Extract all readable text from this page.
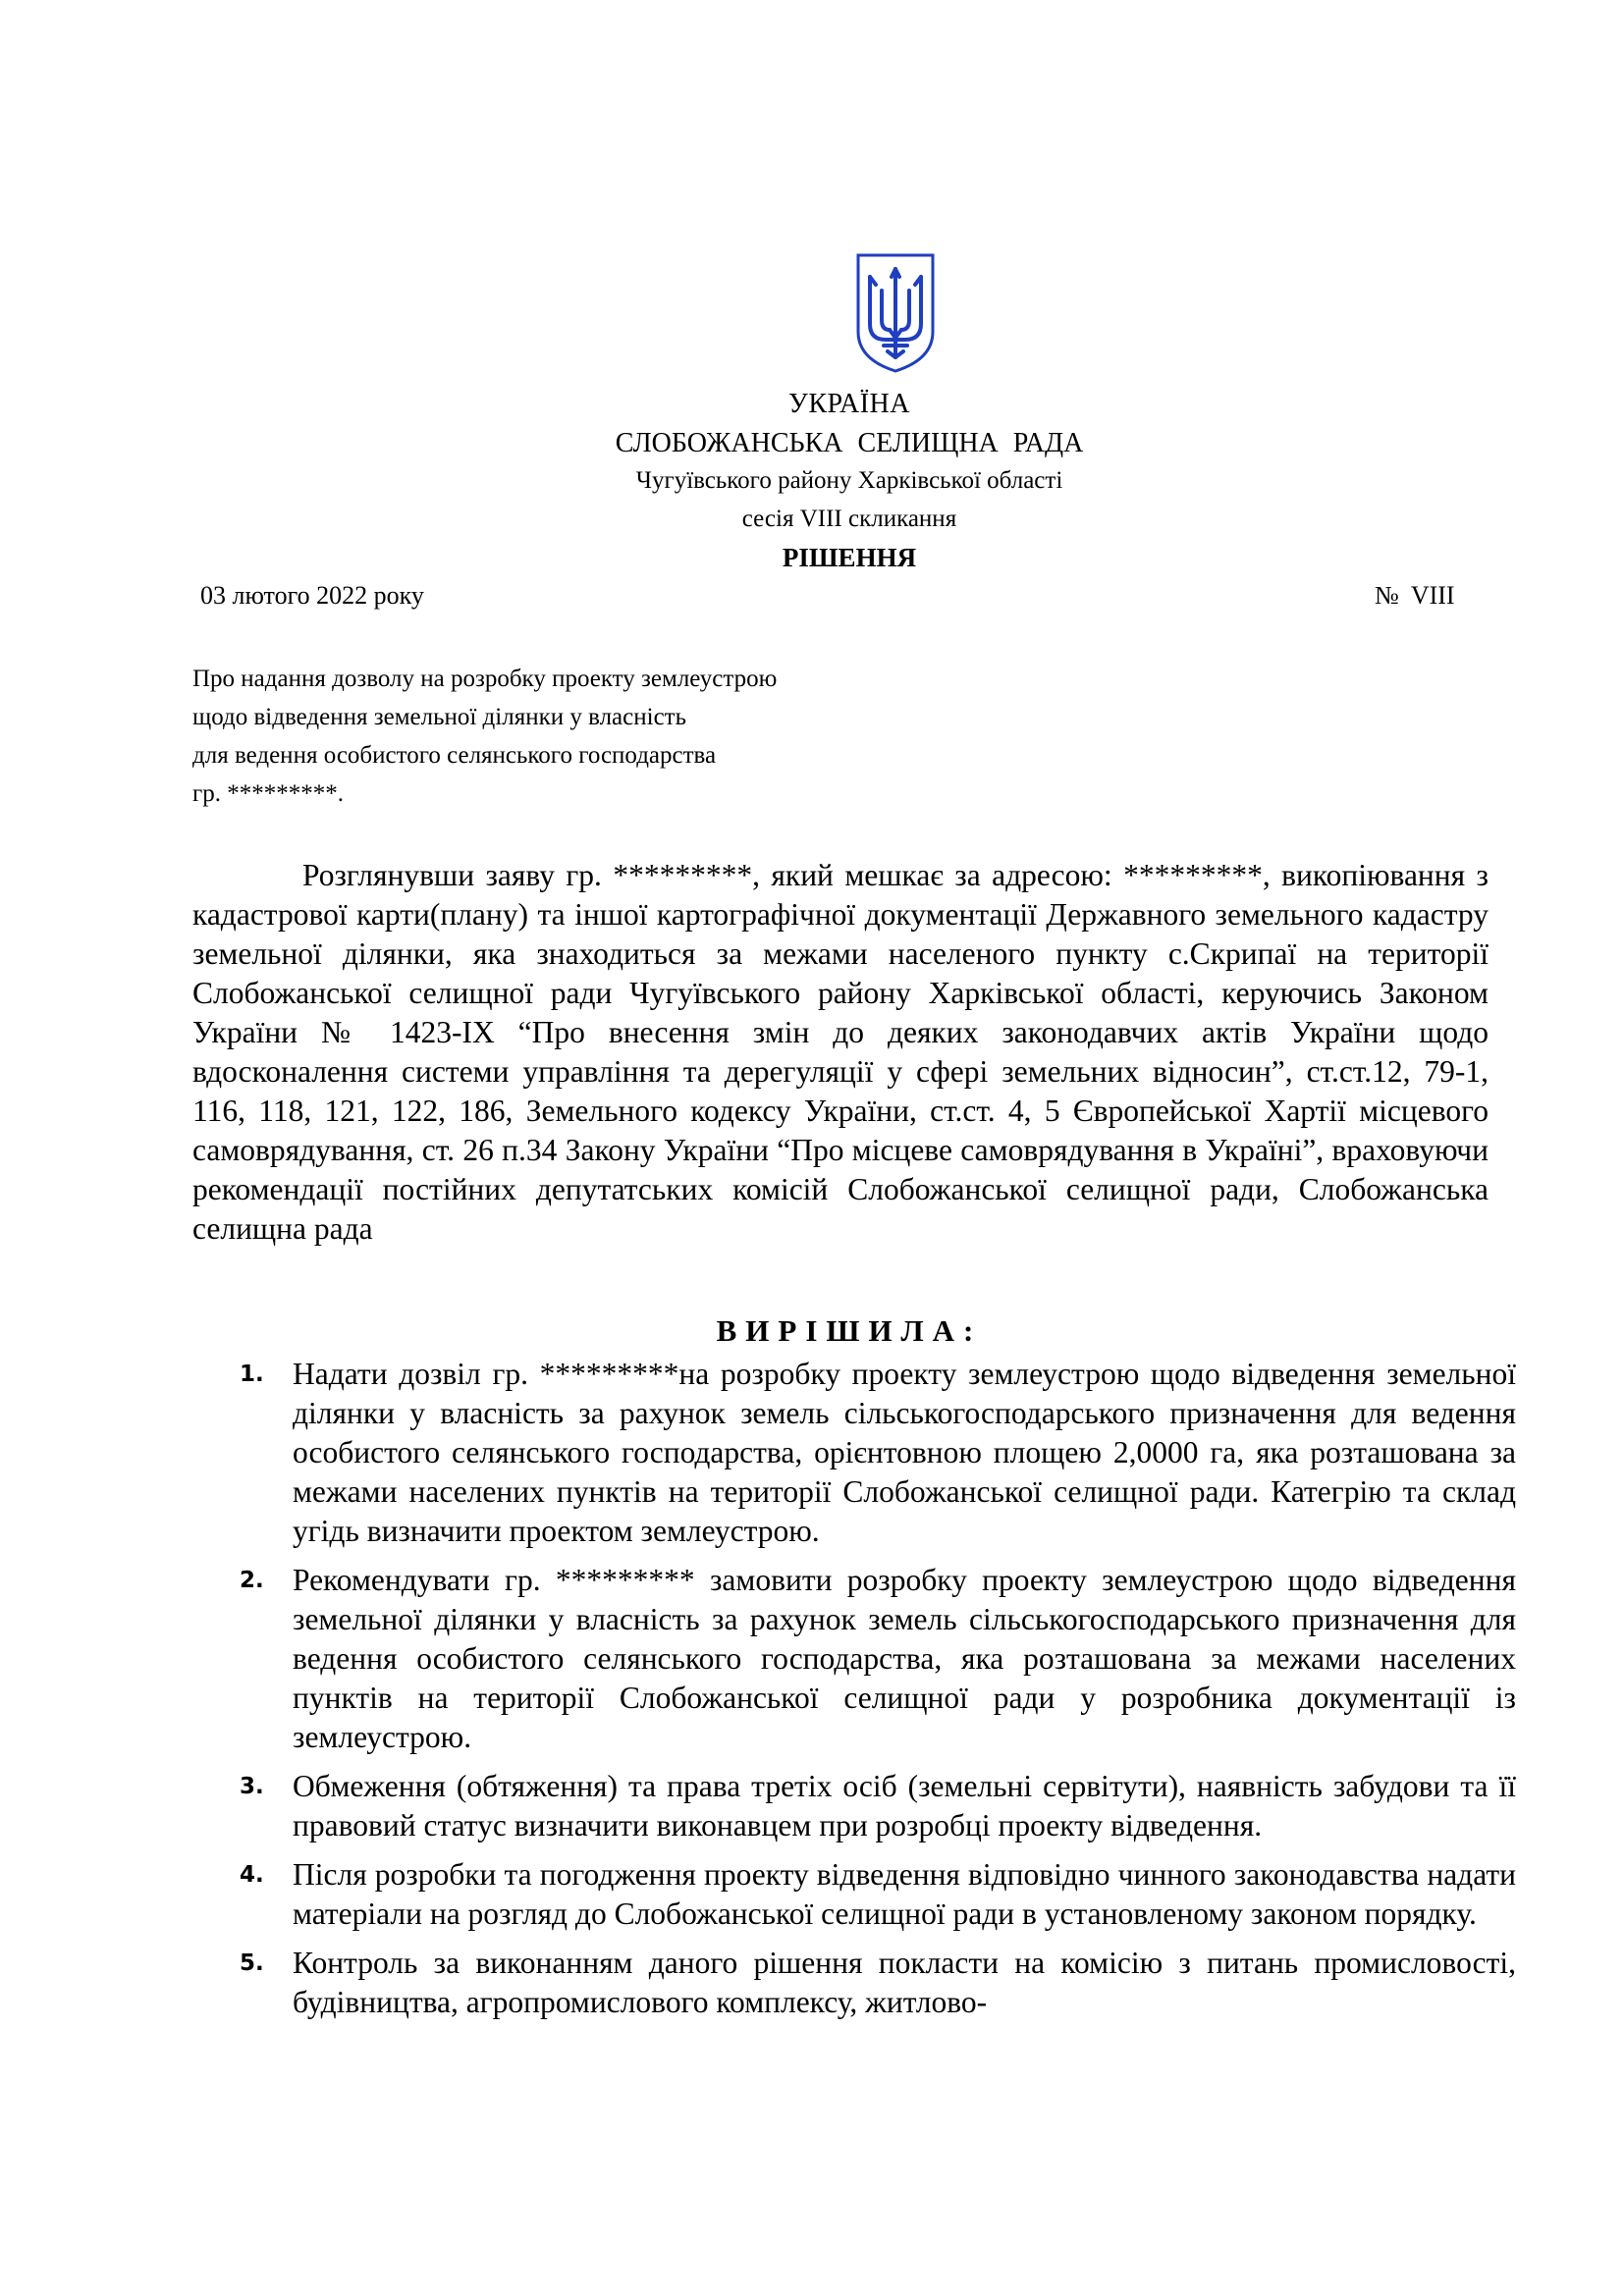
УКРАЇНА
СЛОБОЖАНСЬКА СЕЛИЩНА РАДА
Чугуївського району Харківської області
сесія VIII скликання
РІШЕННЯ
03 лютого 2022 року	№ VIII
Про надання дозволу на розробку проекту землеустрою
щодо відведення земельної ділянки у власність
для ведення особистого селянського господарства
гр. *********.
Розглянувши заяву гр. *********, який мешкає за адресою: *********, викопіювання з кадастрової карти(плану) та іншої картографічної документації Державного земельного кадастру земельної ділянки, яка знаходиться за межами населеного пункту с.Скрипаї на території Слобожанської селищної ради Чугуївського району Харківської області, керуючись Законом України № 1423-IX “Про внесення змін до деяких законодавчих актів України щодо вдосконалення системи управління та дерегуляції у сфері земельних відносин”, ст.ст.12, 79-1, 116, 118, 121, 122, 186, Земельного кодексу України, ст.ст. 4, 5 Європейської Хартії місцевого самоврядування, ст. 26 п.34 Закону України “Про місцеве самоврядування в Україні”, враховуючи рекомендації постійних депутатських комісій Слобожанської селищної ради, Слобожанська селищна рада
ВИРІШИЛА:
1. Надати дозвіл гр. *********на розробку проекту землеустрою щодо відведення земельної ділянки у власність за рахунок земель сільськогосподарського призначення для ведення особистого селянського господарства, орієнтовною площею 2,0000 га, яка розташована за межами населених пунктів на території Слобожанської селищної ради. Категрію та склад угідь визначити проектом землеустрою.
2. Рекомендувати гр. ********* замовити розробку проекту землеустрою щодо відведення земельної ділянки у власність за рахунок земель сільськогосподарського призначення для ведення особистого селянського господарства, яка розташована за межами населених пунктів на території Слобожанської селищної ради у розробника документації із землеустрою.
3. Обмеження (обтяження) та права третіх осіб (земельні сервітути), наявність забудови та її правовий статус визначити виконавцем при розробці проекту відведення.
4. Після розробки та погодження проекту відведення відповідно чинного законодавства надати матеріали на розгляд до Слобожанської селищної ради в установленому законом порядку.
5. Контроль за виконанням даного рішення покласти на комісію з питань промисловості, будівництва, агропромислового комплексу, житлово-
